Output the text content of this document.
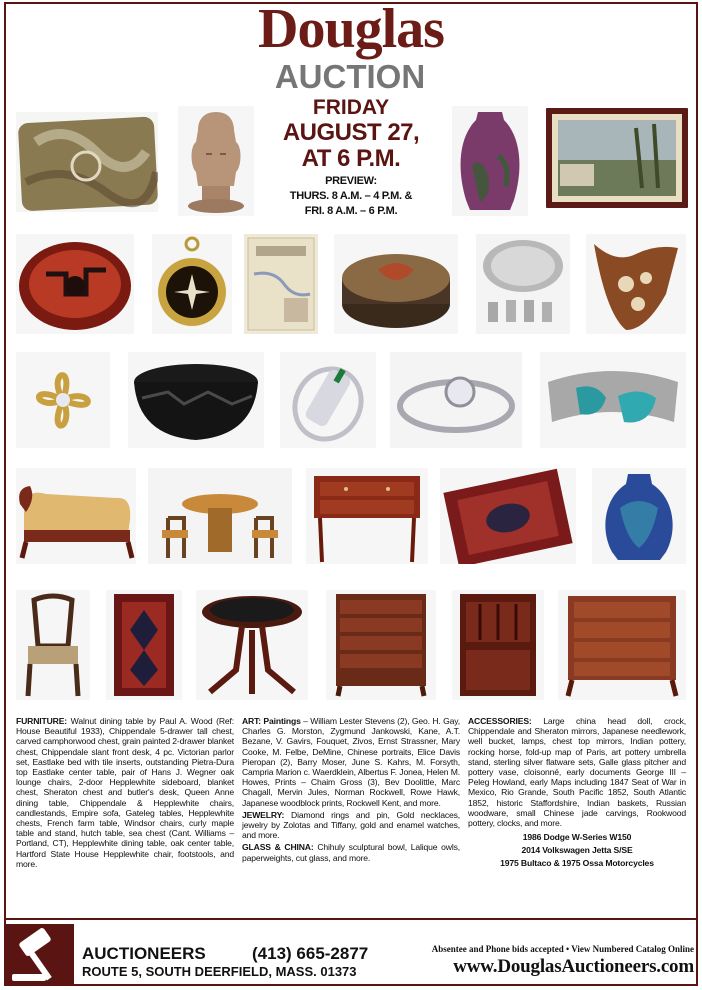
Douglas
AUCTION
FRIDAY
AUGUST 27,
AT 6 P.M.
PREVIEW:
THURS. 8 A.M. – 4 P.M. &
FRI. 8 A.M. – 6 P.M.

FURNITURE: Walnut dining table by Paul A. Wood (Ref: House Beautiful 1933), Chippendale 5-drawer tall chest, carved camphorwood chest, grain painted 2-drawer blanket chest, Chippendale slant front desk, 4 pc. Victorian parlor set, Eastlake bed with tile inserts, outstanding Pietra-Dura top Eastlake center table, pair of Hans J. Wegner oak lounge chairs, 2-door Hepplewhite sideboard, blanket chest, Sheraton chest and butler's desk, Queen Anne dining table, Chippendale & Hepplewhite chairs, candlestands, Empire sofa, Gateleg tables, Hepplewhite chests, French farm table, Windsor chairs, curly maple table and stand, hutch table, sea chest (Cant. Williams – Portland, CT), Hepplewhite dining table, oak center table, Hartford State House Hepplewhite chair, footstools, and more.

ART: Paintings – William Lester Stevens (2), Geo. H. Gay, Charles G. Morston, Zygmund Jankowski, Kane, A.T. Bezane, V. Gavirs, Fouquet, Zivos, Ernst Strassner, Mary Cooke, M. Felbe, DeMine, Chinese portraits, Elice Davis Pieropan (2), Barry Moser, June S. Kahrs, M. Forsyth, Campria Marion c. Waerdklein, Albertus F. Jonea, Helen M. Howes, Prints – Chaim Gross (3), Bev Doolittle, Marc Chagall, Mervin Jules, Norman Rockwell, Rowe Hawk, Japanese woodblock prints, Rockwell Kent, and more.

JEWELRY: Diamond rings and pin, Gold necklaces, jewelry by Zolotas and Tiffany, gold and enamel watches, and more.

GLASS & CHINA: Chihuly sculptural bowl, Lalique owls, paperweights, cut glass, and more.

ACCESSORIES: Large china head doll, crock, Chippendale and Sheraton mirrors, Japanese needlework, well bucket, lamps, chest top mirrors, Indian pottery, rocking horse, fold-up map of Paris, art pottery umbrella stand, sterling silver flatware sets, Galle glass pitcher and pottery vase, cloisonné, early documents George III – Peleg Howland, early Maps including 1847 Seat of War in Mexico, Rio Grande, South Pacific 1852, South Atlantic 1852, historic Staffordshire, Indian baskets, Russian woodware, small Chinese jade carvings, Rookwood pottery, clocks, and more.

1986 Dodge W-Series W150
2014 Volkswagen Jetta S/SE
1975 Bultaco & 1975 Ossa Motorcycles
AUCTIONEERS	(413) 665-2877
ROUTE 5, SOUTH DEERFIELD, MASS. 01373
Absentee and Phone bids accepted • View Numbered Catalog Online
www.DouglasAuctioneers.com
